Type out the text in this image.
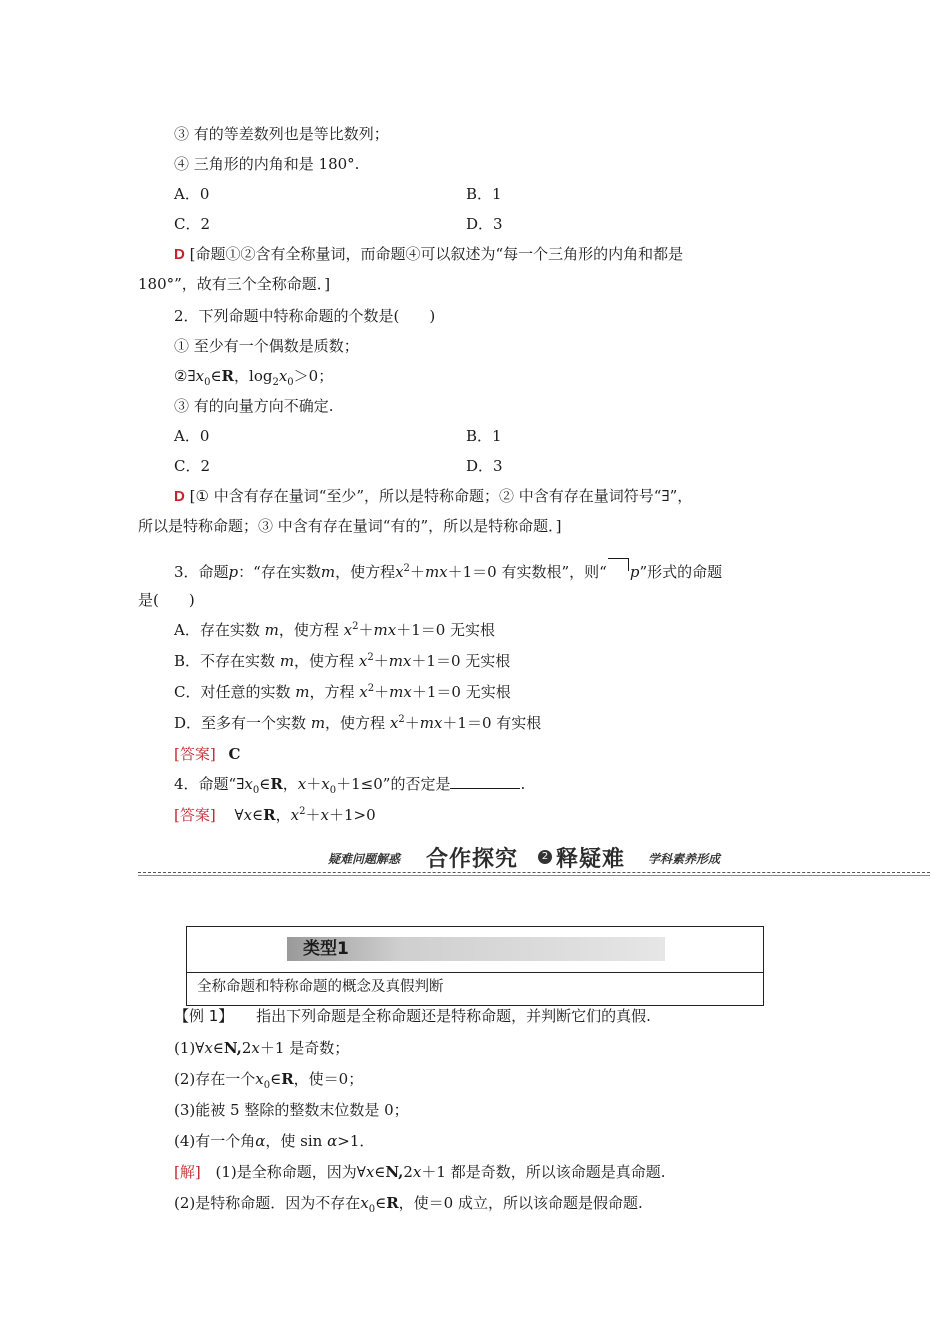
③ 有的等差数列也是等比数列；
④ 三角形的内角和是 180°.
A．0	B．1
C．2	D．3
D [命题①②含有全称量词，而命题④可以叙述为“每一个三角形的内角和都是
180°”，故有三个全称命题．]
2．下列命题中特称命题的个数是(　　)
① 至少有一个偶数是质数；
$②\exists x_0\in R$，$\log_2x_0>0$；
③ 有的向量方向不确定.
A．0	B．1
C．2	D．3
D [① 中含有存在量词“至少”，所以是特称命题；② 中含有存在量词符号“∃”，
所以是特称命题；③ 中含有存在量词“有的”，所以是特称命题．]
3．命题p：“存在实数m，使方程$x^2+mx+1=0$ 有实数根”，则“ p”形式的命题
是(　　)
A．存在实数 m，使方程 $x^2+mx+1=0$ 无实根
B．不存在实数 m，使方程 $x^2+mx+1=0$ 无实根
C．对任意的实数 m，方程 $x^2+mx+1=0$ 无实根
D．至多有一个实数 m，使方程 $x^2+mx+1=0$ 有实根
[答案] C
4．命题“$\exists x_0\in R$，$x+x_0+1\le 0$”的否定是	.
[答案] ∀x∈R，$x^2+x+1>0$
疑难问题解惑 合作探究	2 释疑难 学科素养形成
类型1
全称命题和特称命题的概念及真假判断
【例 1】 指出下列命题是全称命题还是特称命题，并判断它们的真假.
(1)∀x∈N,2x＋1 是奇数；
(2)存在一个$x_0\in R$，使＝0；
(3)能被 5 整除的整数末位数是 0；
(4)有一个角α，使 sin α>1．
[解] (1)是全称命题，因为∀x∈N,2x＋1 都是奇数，所以该命题是真命题.
(2)是特称命题．因为不存在$x_0\in R$，使＝0 成立，所以该命题是假命题.
